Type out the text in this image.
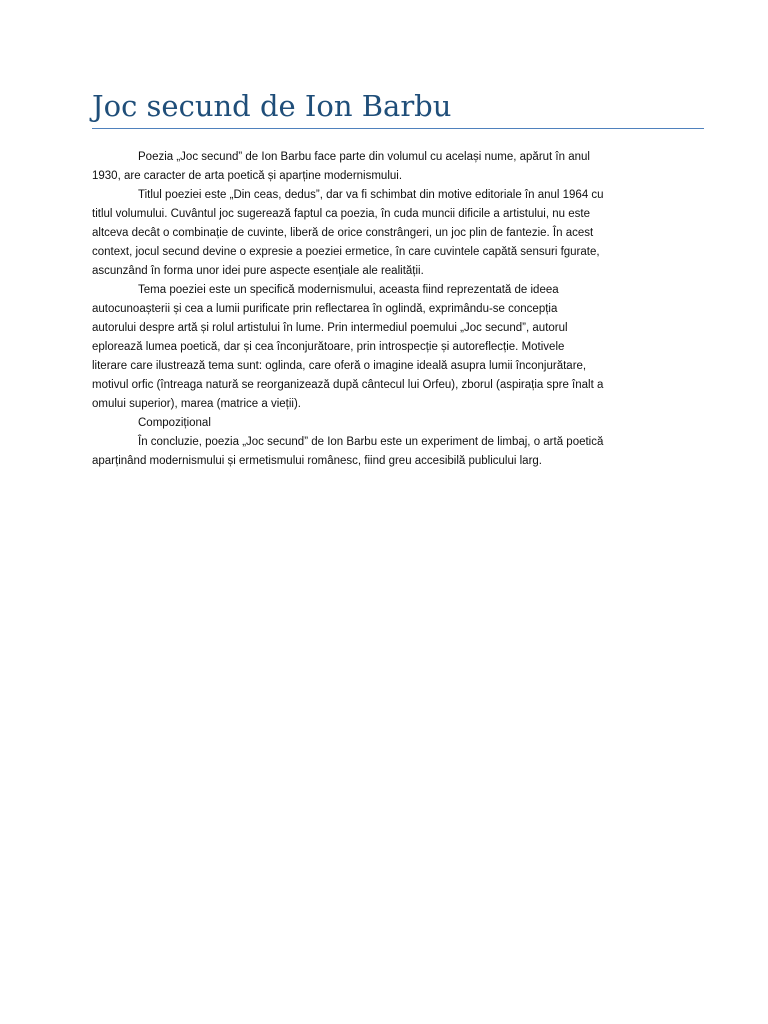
Joc secund de Ion Barbu
Poezia „Joc secund” de Ion Barbu face parte din volumul cu același nume, apărut în anul
1930, are caracter de arta poetică și aparține modernismului.
Titlul poeziei este „Din ceas, dedus”, dar va fi schimbat din motive editoriale în anul 1964 cu
titlul volumului. Cuvântul joc sugerează faptul ca poezia, în cuda muncii dificile a artistului, nu este
altceva decât o combinație de cuvinte, liberă de orice constrângeri, un joc plin de fantezie. În acest
context, jocul secund devine o expresie a poeziei ermetice, în care cuvintele capătă sensuri fgurate,
ascunzând în forma unor idei pure aspecte esențiale ale realității.
Tema poeziei este un specifică modernismului, aceasta fiind reprezentată de ideea
autocunoașterii și cea a lumii purificate prin reflectarea în oglindă, exprimându-se concepția
autorului despre artă și rolul artistului în lume. Prin intermediul poemului „Joc secund”, autorul
eplorează lumea poetică, dar și cea înconjurătoare, prin introspecție și autoreflecție. Motivele
literare care ilustrează tema sunt: oglinda, care oferă o imagine ideală asupra lumii înconjurătare,
motivul orfic (întreaga natură se reorganizează după cântecul lui Orfeu), zborul (aspirația spre înalt a
omului superior), marea (matrice a vieții).
Compozițional
În concluzie, poezia „Joc secund” de Ion Barbu este un experiment de limbaj, o artă poetică
aparținând modernismului și ermetismului românesc, fiind greu accesibilă publicului larg.
